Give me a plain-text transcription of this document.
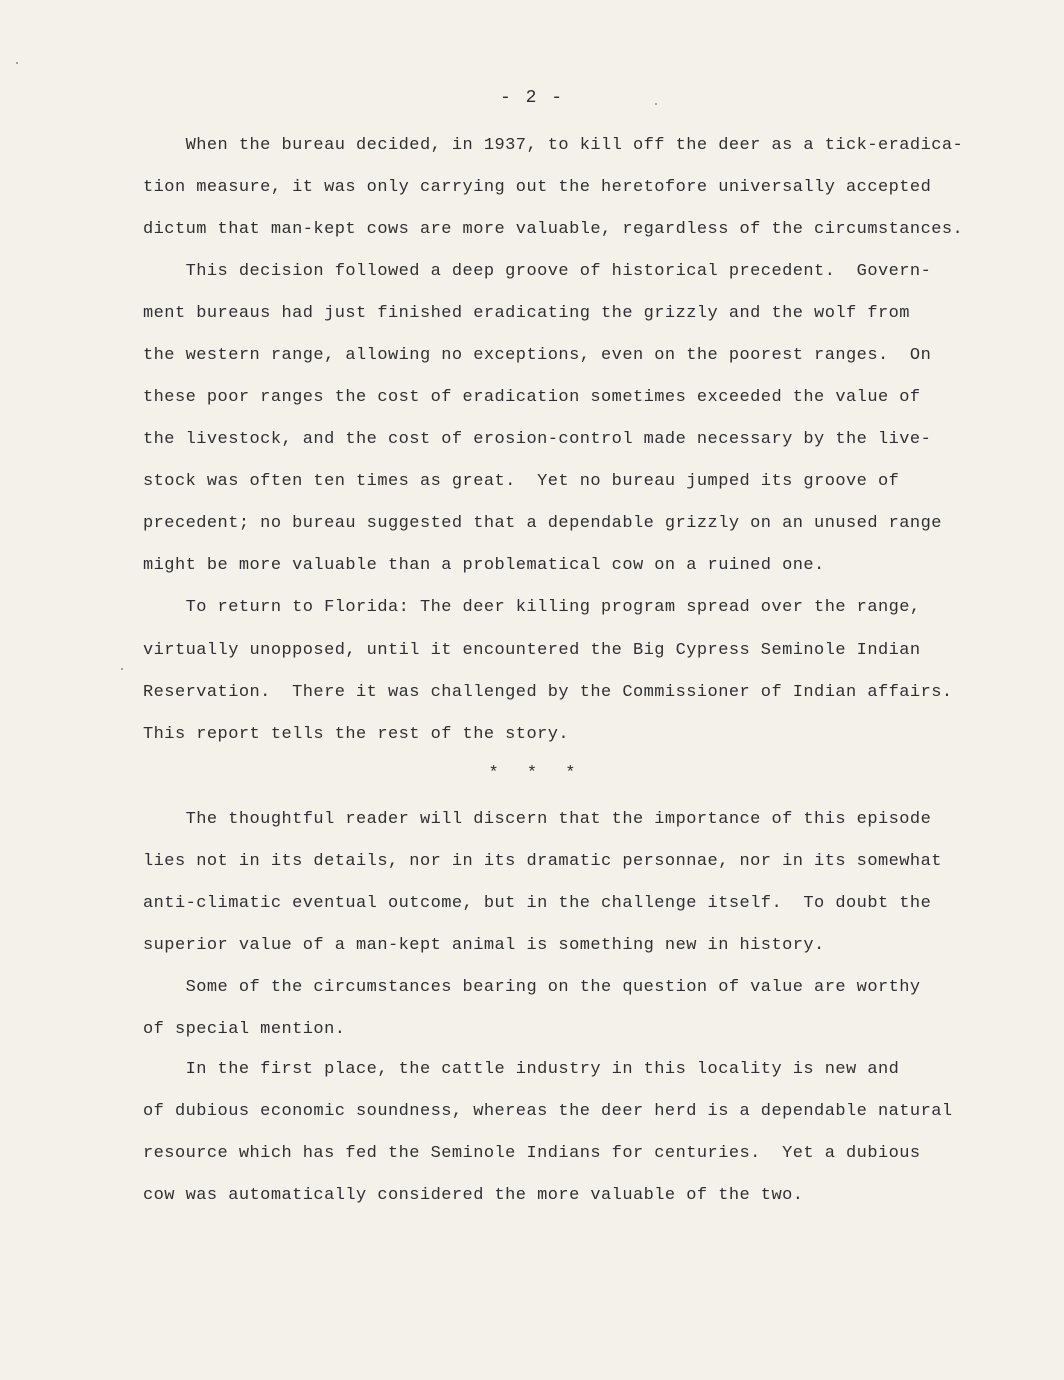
- 2 -
When the bureau decided, in 1937, to kill off the deer as a tick-eradica-
tion measure, it was only carrying out the heretofore universally accepted
dictum that man-kept cows are more valuable, regardless of the circumstances.
This decision followed a deep groove of historical precedent.  Govern-
ment bureaus had just finished eradicating the grizzly and the wolf from
the western range, allowing no exceptions, even on the poorest ranges.  On
these poor ranges the cost of eradication sometimes exceeded the value of
the livestock, and the cost of erosion-control made necessary by the live-
stock was often ten times as great.  Yet no bureau jumped its groove of
precedent; no bureau suggested that a dependable grizzly on an unused range
might be more valuable than a problematical cow on a ruined one.
To return to Florida: The deer killing program spread over the range,
virtually unopposed, until it encountered the Big Cypress Seminole Indian
Reservation.  There it was challenged by the Commissioner of Indian affairs.
This report tells the rest of the story.
* * *
The thoughtful reader will discern that the importance of this episode
lies not in its details, nor in its dramatic personnae, nor in its somewhat
anti-climatic eventual outcome, but in the challenge itself.  To doubt the
superior value of a man-kept animal is something new in history.
Some of the circumstances bearing on the question of value are worthy
of special mention.
In the first place, the cattle industry in this locality is new and
of dubious economic soundness, whereas the deer herd is a dependable natural
resource which has fed the Seminole Indians for centuries.  Yet a dubious
cow was automatically considered the more valuable of the two.
